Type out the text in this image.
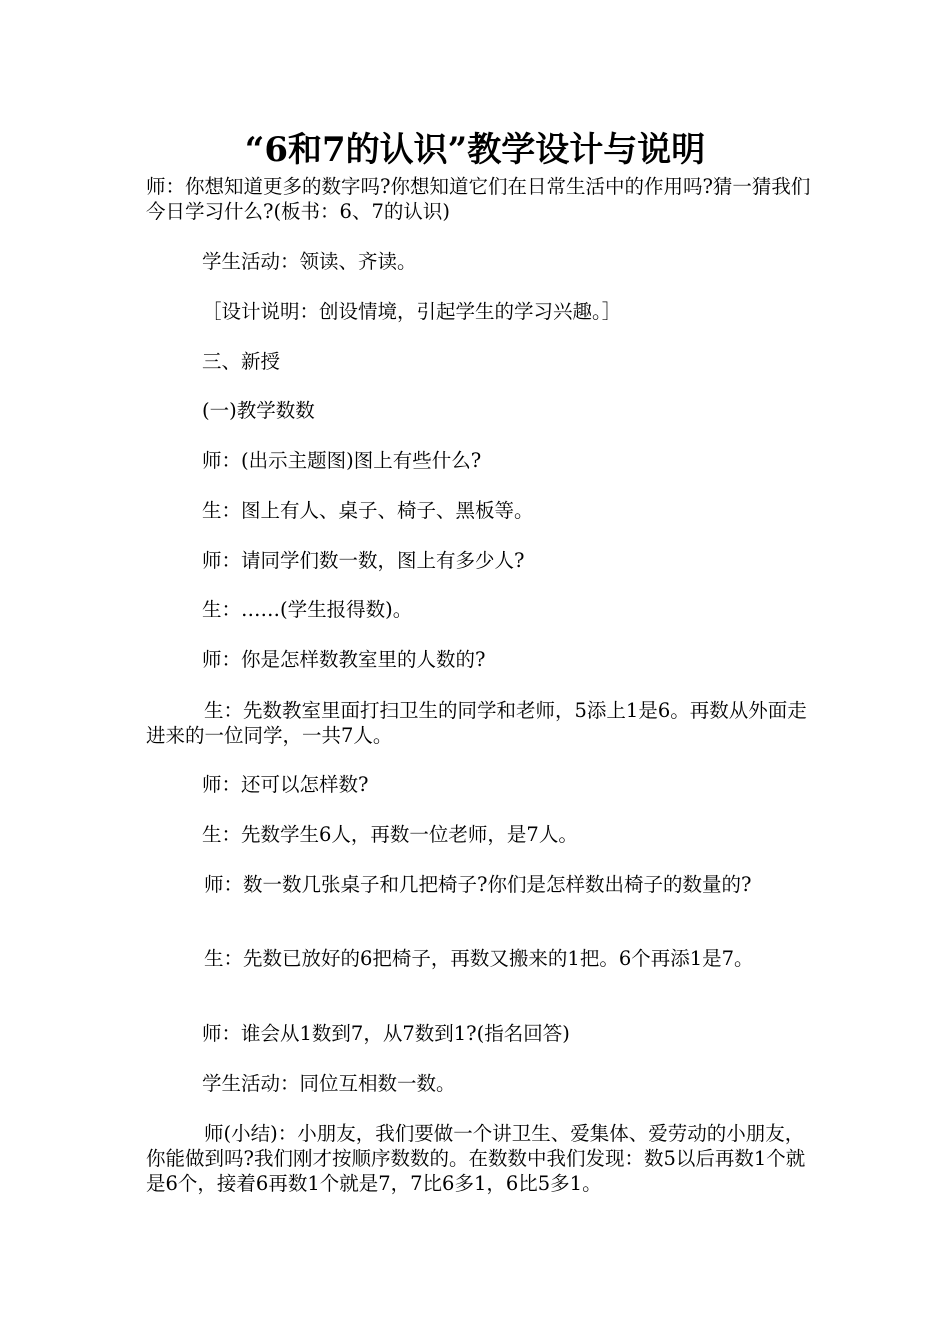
“6和7的认识”教学设计与说明

师：你想知道更多的数字吗?你想知道它们在日常生活中的作用吗?猜一猜我们今日学习什么?(板书：6、7的认识)

学生活动：领读、齐读。

［设计说明：创设情境，引起学生的学习兴趣。］

三、新授

(一)教学数数

师：(出示主题图)图上有些什么?

生：图上有人、桌子、椅子、黑板等。

师：请同学们数一数，图上有多少人?

生：……(学生报得数)。

师：你是怎样数教室里的人数的?

生：先数教室里面打扫卫生的同学和老师，5添上1是6。再数从外面走进来的一位同学，一共7人。

师：还可以怎样数?

生：先数学生6人，再数一位老师，是7人。

师：数一数几张桌子和几把椅子?你们是怎样数出椅子的数量的?

生：先数已放好的6把椅子，再数又搬来的1把。6个再添1是7。

师：谁会从1数到7，从7数到1?(指名回答)

学生活动：同位互相数一数。

师(小结)：小朋友，我们要做一个讲卫生、爱集体、爱劳动的小朋友，你能做到吗?我们刚才按顺序数数的。在数数中我们发现：数5以后再数1个就是6个，接着6再数1个就是7，7比6多1，6比5多1。
